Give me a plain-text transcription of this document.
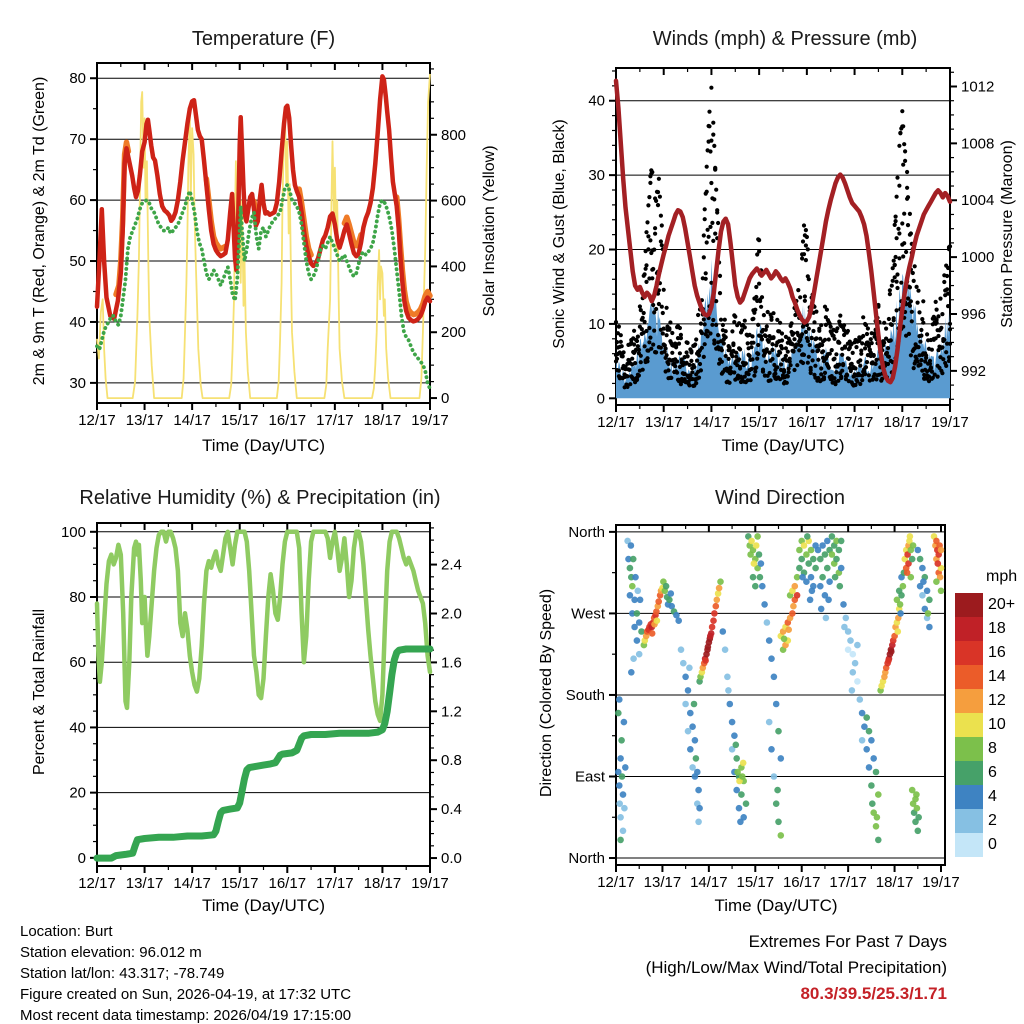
30
40
50
60
70
80
0
200
400
600
800
12/17 13/17 14/17 15/17 16/17 17/17 18/17 19/17
0
10
20
30
40
992
996
1000
1004
1008
1012
12/17 13/17 14/17 15/17 16/17 17/17 18/17 19/17
0
20
40
60
80
100
0.0
0.4
0.8
1.2
1.6
2.0
2.4
12/17 13/17 14/17 15/17 16/17 17/17 18/17 19/17
North
West
South
East
North
12/17 13/17 14/17 15/17 16/17 17/17 18/17 19/17
Temperature (F)	Winds (mph) & Pressure (mb)
Relative Humidity (%) & Precipitation (in)	Wind Direction
2m & 9m T (Red, Orange) & 2m Td (Green)	Solar Insolation (Yellow)	Sonic Wind & Gust (Blue, Black)	Station Pressure (Maroon)
Percent & Total Rainfall	Direction (Colored By Speed)
Time (Day/UTC)	Time (Day/UTC)
Time (Day/UTC)	Time (Day/UTC)
mph
20+
18
16
14
12
10
8
6
4
2
0
Location: Burt
Station elevation: 96.012 m
Station lat/lon: 43.317; -78.749
Figure created on Sun, 2026-04-19, at 17:32 UTC
Most recent data timestamp: 2026/04/19 17:15:00
Extremes For Past 7 Days
(High/Low/Max Wind/Total Precipitation)
80.3/39.5/25.3/1.71
